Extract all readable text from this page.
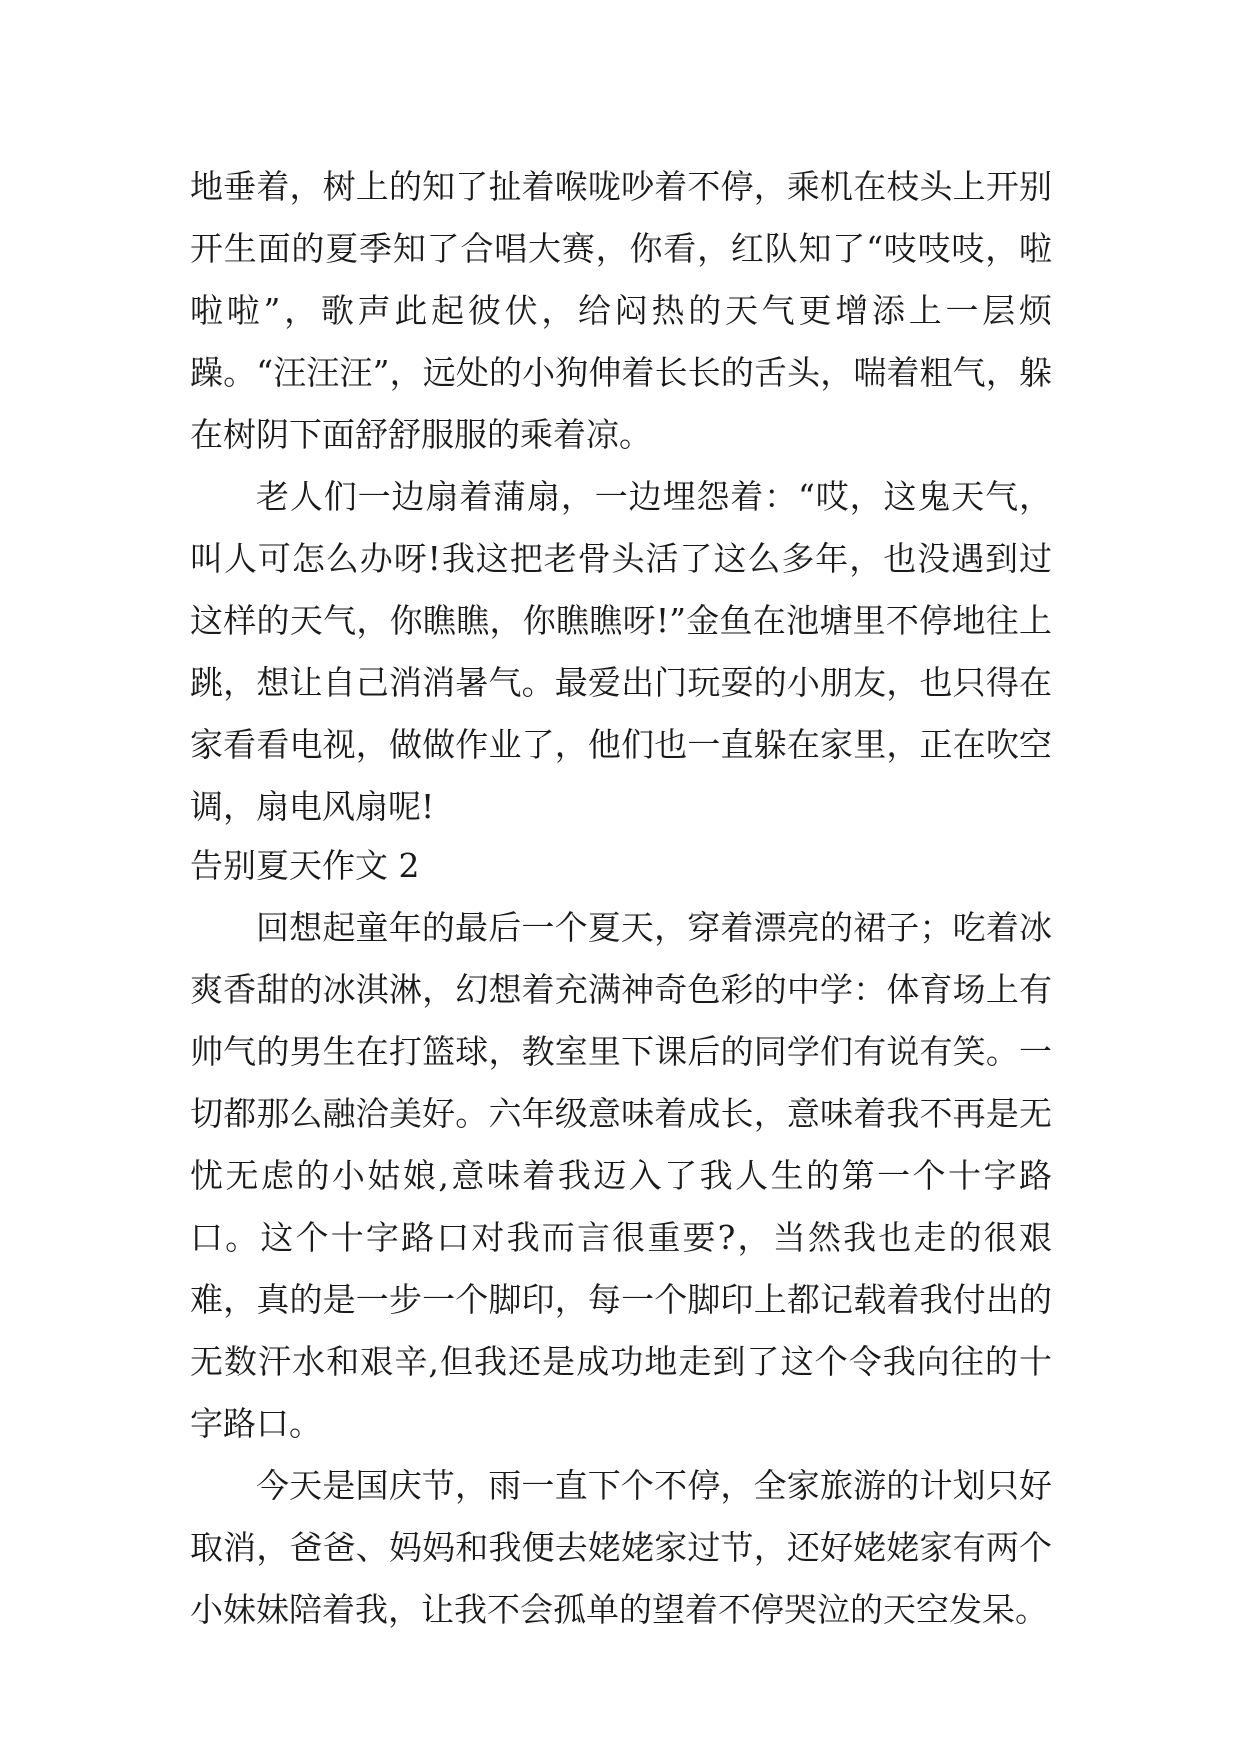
地垂着，树上的知了扯着喉咙吵着不停，乘机在枝头上开别开生面的夏季知了合唱大赛，你看，红队知了“吱吱吱，啦啦啦”，歌声此起彼伏，给闷热的天气更增添上一层烦躁。“汪汪汪”，远处的小狗伸着长长的舌头，喘着粗气，躲在树阴下面舒舒服服的乘着凉。

老人们一边扇着蒲扇，一边埋怨着：“哎，这鬼天气，叫人可怎么办呀!我这把老骨头活了这么多年，也没遇到过这样的天气，你瞧瞧，你瞧瞧呀!”金鱼在池塘里不停地往上跳，想让自己消消暑气。最爱出门玩耍的小朋友，也只得在家看看电视，做做作业了，他们也一直躲在家里，正在吹空调，扇电风扇呢!

告别夏天作文 2

回想起童年的最后一个夏天，穿着漂亮的裙子；吃着冰爽香甜的冰淇淋，幻想着充满神奇色彩的中学：体育场上有帅气的男生在打篮球，教室里下课后的同学们有说有笑。一切都那么融洽美好。六年级意味着成长，意味着我不再是无忧无虑的小姑娘,意味着我迈入了我人生的第一个十字路口。这个十字路口对我而言很重要?，当然我也走的很艰难，真的是一步一个脚印，每一个脚印上都记载着我付出的无数汗水和艰辛,但我还是成功地走到了这个令我向往的十字路口。

今天是国庆节，雨一直下个不停，全家旅游的计划只好取消，爸爸、妈妈和我便去姥姥家过节，还好姥姥家有两个小妹妹陪着我，让我不会孤单的望着不停哭泣的天空发呆。
